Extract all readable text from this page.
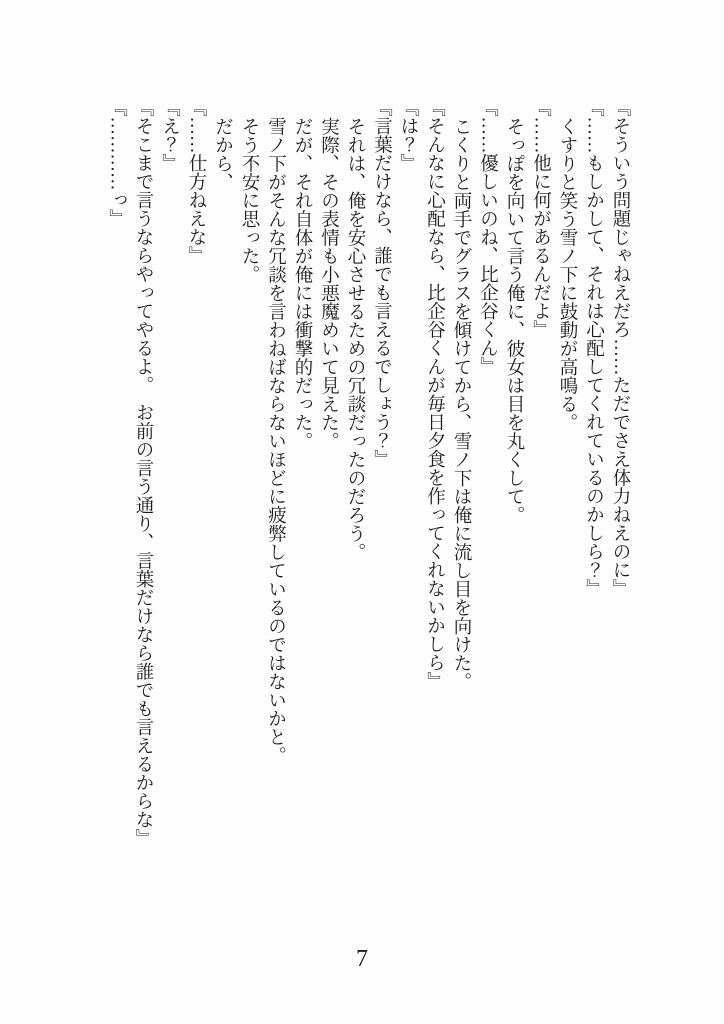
『そういう問題じゃねえだろ……ただでさえ体力ねえのに』

『……もしかして、それは心配してくれているのかしら？』

くすりと笑う雪ノ下に鼓動が高鳴る。

『……他に何があるんだよ』

そっぽを向いて言う俺に、彼女は目を丸くして。

『……優しいのね、比企谷くん』

こくりと両手でグラスを傾けてから、雪ノ下は俺に流し目を向けた。

『そんなに心配なら、比企谷くんが毎日夕食を作ってくれないかしら』

『は？』

『言葉だけなら、誰でも言えるでしょう？』

それは、俺を安心させるための冗談だったのだろう。

実際、その表情も小悪魔めいて見えた。

だが、それ自体が俺には衝撃的だった。

雪ノ下がそんな冗談を言わねばならないほどに疲弊しているのではないかと。

そう不安に思った。

だから、

『……仕方ねえな』

『え？』

『そこまで言うならやってやるよ。　お前の言う通り、言葉だけなら誰でも言えるからな』

『…………っ』

7
